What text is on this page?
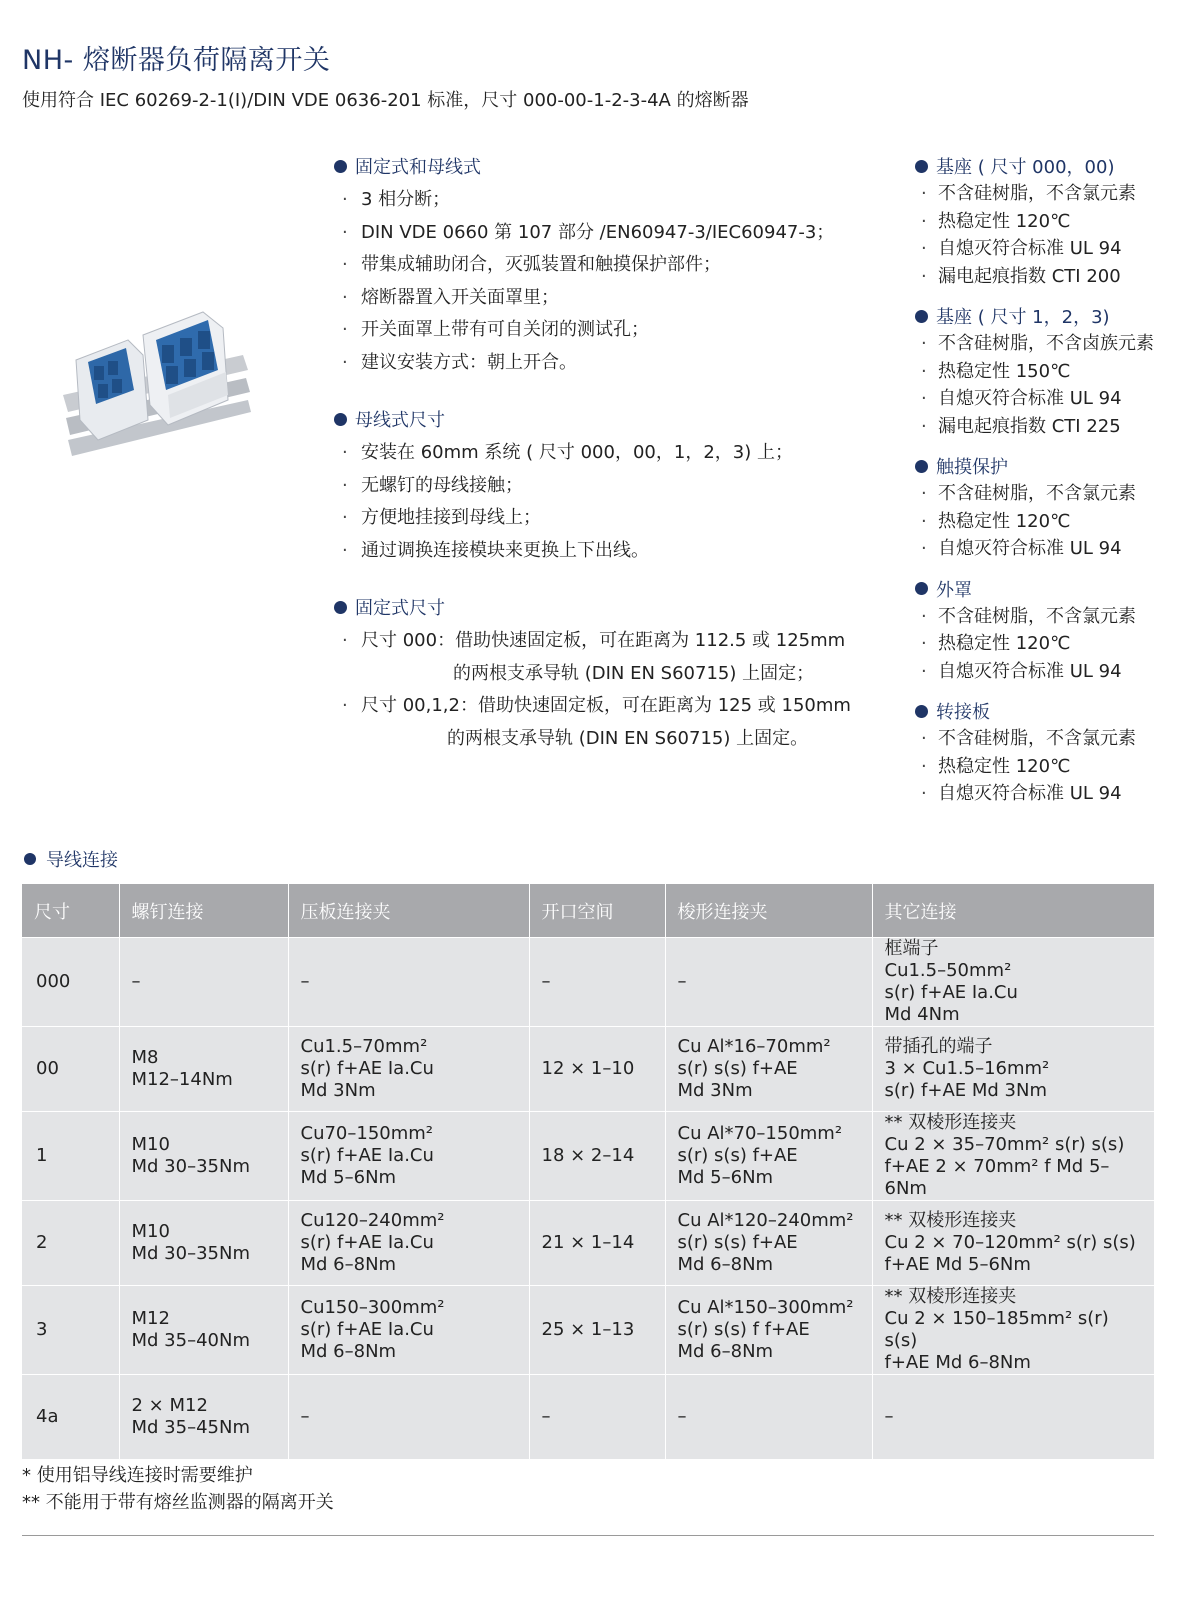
NH- 熔断器负荷隔离开关

使用符合 IEC 60269-2-1(I)/DIN VDE 0636-201 标准，尺寸 000-00-1-2-3-4A 的熔断器

固定式和母线式
· 3 相分断；
· DIN VDE 0660 第 107 部分 /EN60947-3/IEC60947-3；
· 带集成辅助闭合，灭弧装置和触摸保护部件；
· 熔断器置入开关面罩里；
· 开关面罩上带有可自关闭的测试孔；
· 建议安装方式：朝上开合。
母线式尺寸
· 安装在 60mm 系统 ( 尺寸 000，00，1，2，3) 上；
· 无螺钉的母线接触；
· 方便地挂接到母线上；
· 通过调换连接模块来更换上下出线。
固定式尺寸
· 尺寸 000：借助快速固定板，可在距离为 112.5 或 125mm
的两根支承导轨 (DIN EN S60715) 上固定；
· 尺寸 00,1,2：借助快速固定板，可在距离为 125 或 150mm
的两根支承导轨 (DIN EN S60715) 上固定。
基座 ( 尺寸 000，00)
· 不含硅树脂，不含氯元素
· 热稳定性 120℃
· 自熄灭符合标准 UL 94
· 漏电起痕指数 CTI 200
基座 ( 尺寸 1，2，3)
· 不含硅树脂，不含卤族元素
· 热稳定性 150℃
· 自熄灭符合标准 UL 94
· 漏电起痕指数 CTI 225
触摸保护
· 不含硅树脂，不含氯元素
· 热稳定性 120℃
· 自熄灭符合标准 UL 94
外罩
· 不含硅树脂，不含氯元素
· 热稳定性 120℃
· 自熄灭符合标准 UL 94
转接板
· 不含硅树脂，不含氯元素
· 热稳定性 120℃
· 自熄灭符合标准 UL 94
导线连接
尺寸	螺钉连接	压板连接夹	开口空间	梭形连接夹	其它连接
000	–	–	–	–	框端子
Cu1.5–50mm²
s(r) f+AE Ia.Cu
Md 4Nm
00	M8
M12–14Nm	Cu1.5–70mm²
s(r) f+AE Ia.Cu
Md 3Nm	12 × 1–10	Cu Al*16–70mm²
s(r) s(s) f+AE
Md 3Nm	带插孔的端子
3 × Cu1.5–16mm²
s(r) f+AE Md 3Nm
1	M10
Md 30–35Nm	Cu70–150mm²
s(r) f+AE Ia.Cu
Md 5–6Nm	18 × 2–14	Cu Al*70–150mm²
s(r) s(s) f+AE
Md 5–6Nm	** 双棱形连接夹
Cu 2 × 35–70mm² s(r) s(s)
f+AE 2 × 70mm² f Md 5–6Nm
2	M10
Md 30–35Nm	Cu120–240mm²
s(r) f+AE Ia.Cu
Md 6–8Nm	21 × 1–14	Cu Al*120–240mm²
s(r) s(s) f+AE
Md 6–8Nm	** 双棱形连接夹
Cu 2 × 70–120mm² s(r) s(s)
f+AE Md 5–6Nm
3	M12
Md 35–40Nm	Cu150–300mm²
s(r) f+AE Ia.Cu
Md 6–8Nm	25 × 1–13	Cu Al*150–300mm²
s(r) s(s) f f+AE
Md 6–8Nm	** 双棱形连接夹
Cu 2 × 150–185mm² s(r) s(s)
f+AE Md 6–8Nm
4a	2 × M12
Md 35–45Nm	–	–	–	–
* 使用铝导线连接时需要维护
** 不能用于带有熔丝监测器的隔离开关
